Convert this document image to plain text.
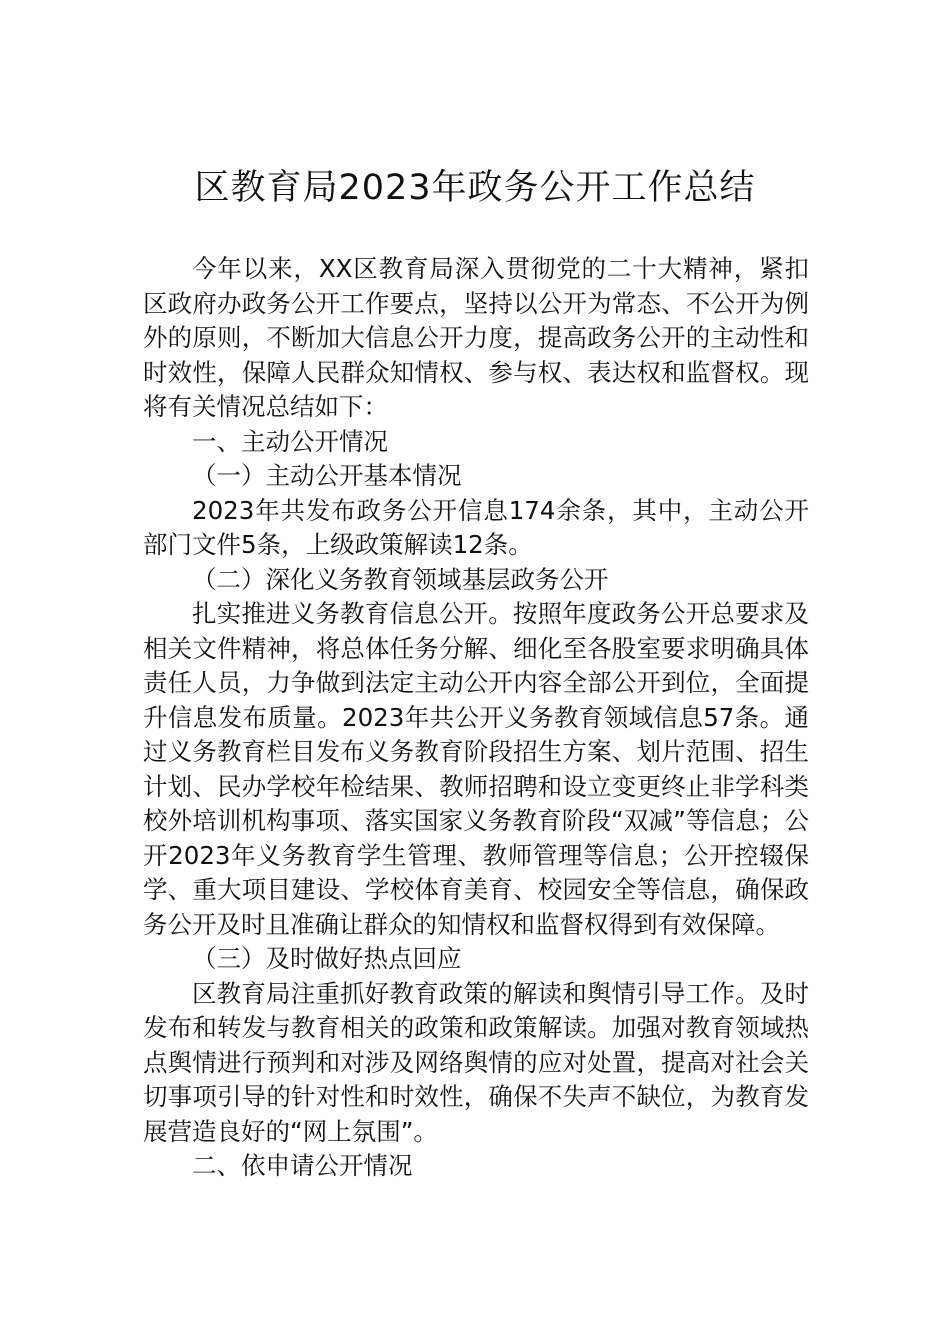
区教育局2023年政务公开工作总结

今年以来，XX区教育局深入贯彻党的二十大精神，紧扣区政府办政务公开工作要点，坚持以公开为常态、不公开为例外的原则，不断加大信息公开力度，提高政务公开的主动性和时效性，保障人民群众知情权、参与权、表达权和监督权。现将有关情况总结如下：

一、主动公开情况

（一）主动公开基本情况

2023年共发布政务公开信息174余条，其中，主动公开部门文件5条，上级政策解读12条。

（二）深化义务教育领域基层政务公开

扎实推进义务教育信息公开。按照年度政务公开总要求及相关文件精神，将总体任务分解、细化至各股室要求明确具体责任人员，力争做到法定主动公开内容全部公开到位，全面提升信息发布质量。2023年共公开义务教育领域信息57条。通过义务教育栏目发布义务教育阶段招生方案、划片范围、招生计划、民办学校年检结果、教师招聘和设立变更终止非学科类校外培训机构事项、落实国家义务教育阶段“双减”等信息；公开2023年义务教育学生管理、教师管理等信息；公开控辍保学、重大项目建设、学校体育美育、校园安全等信息，确保政务公开及时且准确让群众的知情权和监督权得到有效保障。

（三）及时做好热点回应

区教育局注重抓好教育政策的解读和舆情引导工作。及时发布和转发与教育相关的政策和政策解读。加强对教育领域热点舆情进行预判和对涉及网络舆情的应对处置，提高对社会关切事项引导的针对性和时效性，确保不失声不缺位，为教育发展营造良好的“网上氛围”。

二、依申请公开情况
